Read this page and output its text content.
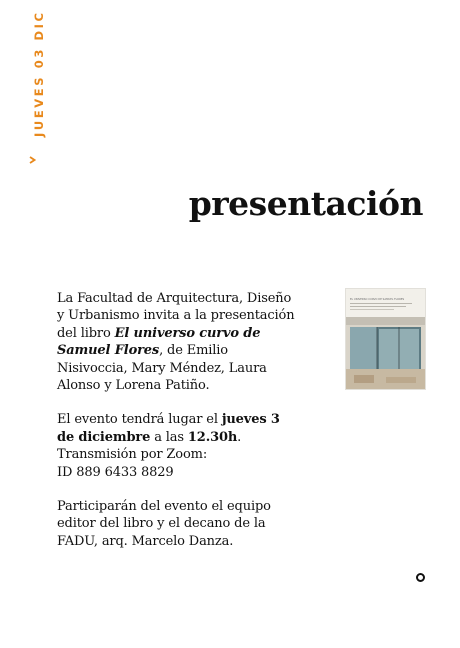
JUEVES 03 DIC
presentación

La Facultad de Arquitectura, Diseño y Urbanismo invita a la presentación del libro El universo curvo de Samuel Flores, de Emilio Nisivoccia, Mary Méndez, Laura Alonso y Lorena Patiño.

El evento tendrá lugar el jueves 3 de diciembre a las 12.30h. Transmisión por Zoom:
ID 889 6433 8829

Participarán del evento el equipo editor del libro y el decano de la FADU, arq. Marcelo Danza.

EL UNIVERSO CURVO DE SAMUEL FLORES
